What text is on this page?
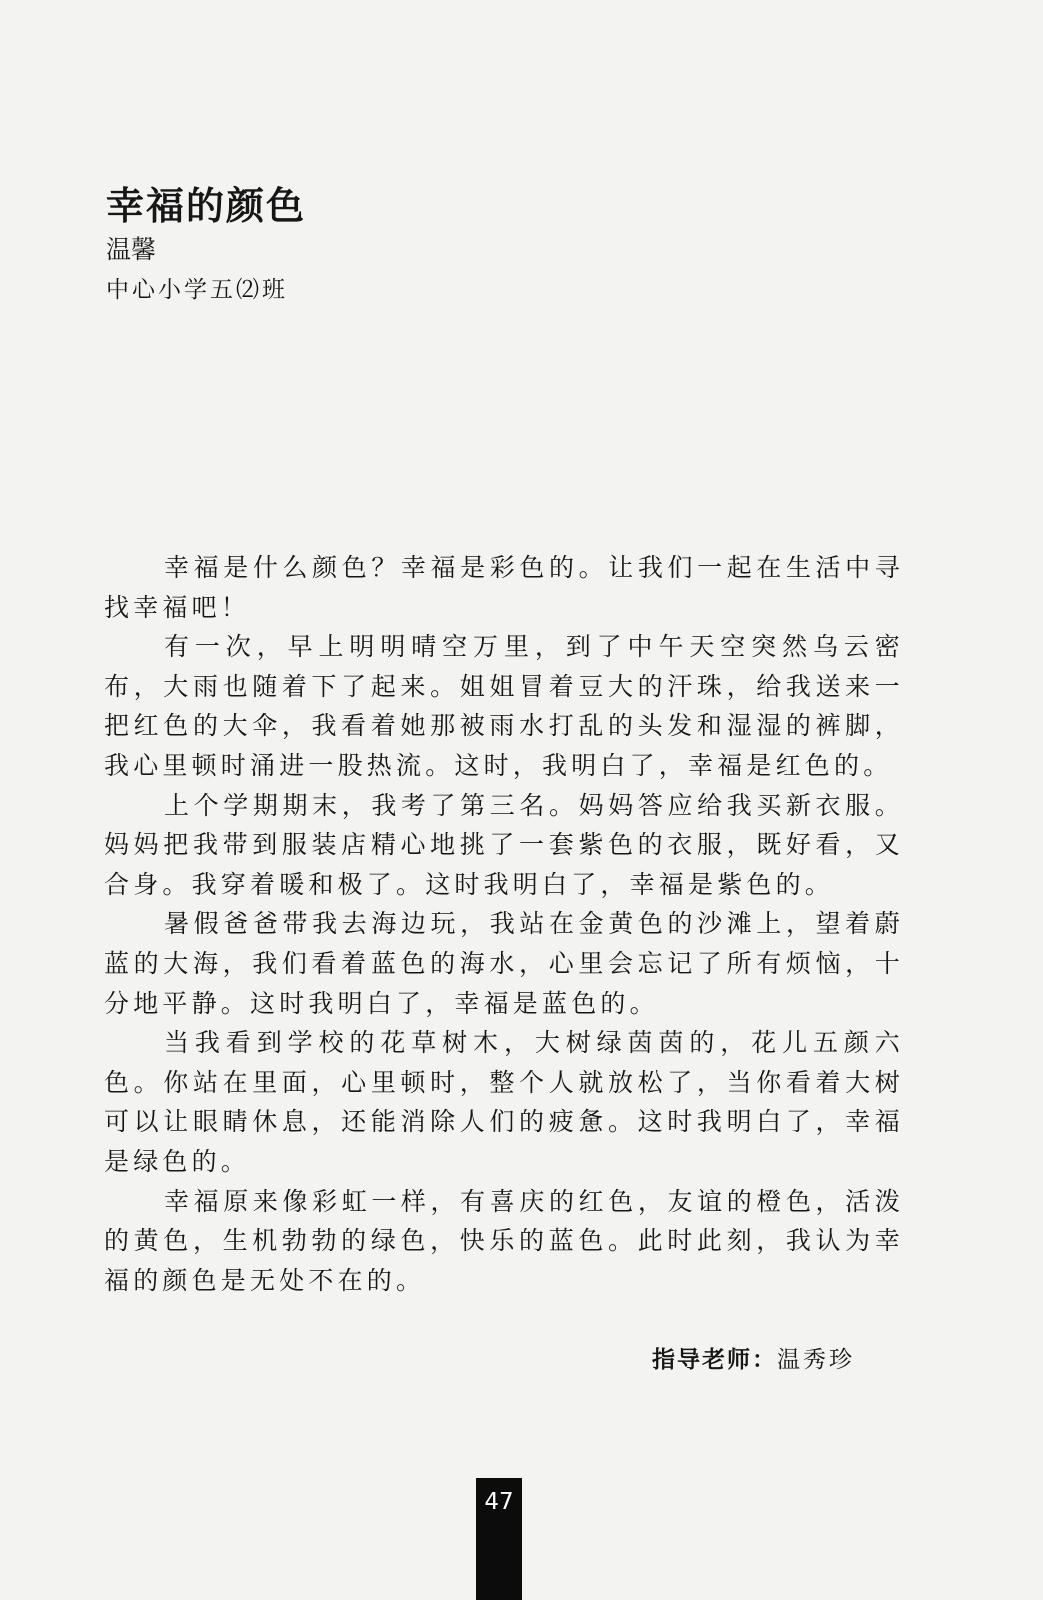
幸福的颜色
温馨
中心小学五⑵班

幸福是什么颜色？幸福是彩色的。让我们一起在生活中寻找幸福吧！

有一次，早上明明晴空万里，到了中午天空突然乌云密布，大雨也随着下了起来。姐姐冒着豆大的汗珠，给我送来一把红色的大伞，我看着她那被雨水打乱的头发和湿湿的裤脚，我心里顿时涌进一股热流。这时，我明白了，幸福是红色的。

上个学期期末，我考了第三名。妈妈答应给我买新衣服。妈妈把我带到服装店精心地挑了一套紫色的衣服，既好看，又合身。我穿着暖和极了。这时我明白了，幸福是紫色的。

暑假爸爸带我去海边玩，我站在金黄色的沙滩上，望着蔚蓝的大海，我们看着蓝色的海水，心里会忘记了所有烦恼，十分地平静。这时我明白了，幸福是蓝色的。

当我看到学校的花草树木，大树绿茵茵的，花儿五颜六色。你站在里面，心里顿时，整个人就放松了，当你看着大树可以让眼睛休息，还能消除人们的疲惫。这时我明白了，幸福是绿色的。

幸福原来像彩虹一样，有喜庆的红色，友谊的橙色，活泼的黄色，生机勃勃的绿色，快乐的蓝色。此时此刻，我认为幸福的颜色是无处不在的。

指导老师：温秀珍
47
